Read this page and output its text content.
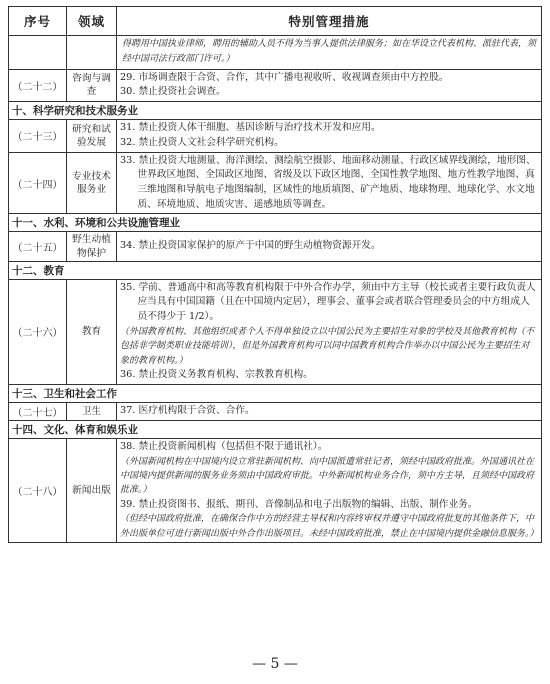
序号	领域	特别管理措施

		得聘用中国执业律师，聘用的辅助人员不得为当事人提供法律服务；如在华设立代表机构、派驻代表，须经中国司法行政部门许可。）

（二十二）	咨询与调查	29. 市场调查限于合资、合作，其中广播电视收听、收视调查须由中方控股。
30. 禁止投资社会调查。

十、科学研究和技术服务业		
（二十三）	研究和试验发展	31. 禁止投资人体干细胞、基因诊断与治疗技术开发和应用。
32. 禁止投资人文社会科学研究机构。

（二十四）	专业技术服务业	33. 禁止投资大地测量、海洋测绘、测绘航空摄影、地面移动测量、行政区域界线测绘，地形图、世界政区地图、全国政区地图、省级及以下政区地图、全国性教学地图、地方性教学地图、真三维地图和导航电子地图编制，区域性的地质填图、矿产地质、地球物理、地球化学、水文地质、环境地质、地质灾害、遥感地质等调查。

十一、水利、环境和公共设施管理业		
（二十五）	野生动植物保护	34. 禁止投资国家保护的原产于中国的野生动植物资源开发。

十二、教育		
（二十六）	教育	35. 学前、普通高中和高等教育机构限于中外合作办学，须由中方主导（校长或者主要行政负责人应当具有中国国籍（且在中国境内定居），理事会、董事会或者联合管理委员会的中方组成人员不得少于 1/2）。
（外国教育机构、其他组织或者个人不得单独设立以中国公民为主要招生对象的学校及其他教育机构（不包括非学制类职业技能培训），但是外国教育机构可以同中国教育机构合作举办以中国公民为主要招生对象的教育机构。）
36. 禁止投资义务教育机构、宗教教育机构。

十三、卫生和社会工作		
（二十七）	卫生	37. 医疗机构限于合资、合作。

十四、文化、体育和娱乐业		
（二十八）	新闻出版	38. 禁止投资新闻机构（包括但不限于通讯社）。
（外国新闻机构在中国境内设立常驻新闻机构、向中国派遣常驻记者，须经中国政府批准。外国通讯社在中国境内提供新闻的服务业务须由中国政府审批。中外新闻机构业务合作，须中方主导，且须经中国政府批准。）
39. 禁止投资图书、报纸、期刊、音像制品和电子出版物的编辑、出版、制作业务。
（但经中国政府批准，在确保合作中方的经营主导权和内容终审权并遵守中国政府批复的其他条件下，中外出版单位可进行新闻出版中外合作出版项目。未经中国政府批准，禁止在中国境内提供金融信息服务。）
— 5 —
